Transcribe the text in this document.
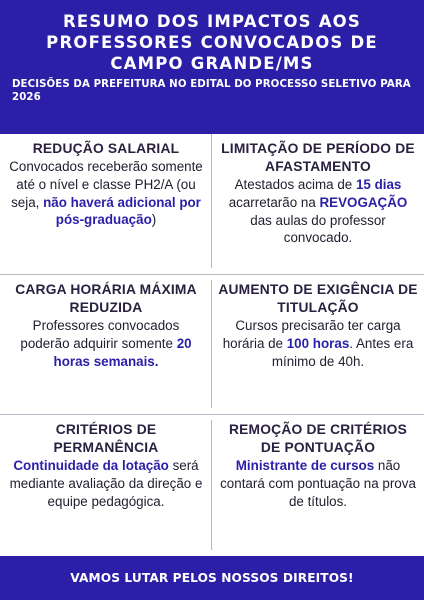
RESUMO DOS IMPACTOS AOS
PROFESSORES CONVOCADOS DE
CAMPO GRANDE/MS

DECISÕES DA PREFEITURA NO EDITAL DO PROCESSO SELETIVO PARA 2026

REDUÇÃO SALARIAL

Convocados receberão somente até o nível e classe PH2/A (ou seja, não haverá adicional por pós-graduação)

LIMITAÇÃO DE PERÍODO DE AFASTAMENTO

Atestados acima de 15 dias acarretarão na REVOGAÇÃO das aulas do professor convocado.

CARGA HORÁRIA MÁXIMA REDUZIDA

Professores convocados poderão adquirir somente 20 horas semanais.

AUMENTO DE EXIGÊNCIA DE TITULAÇÃO

Cursos precisarão ter carga horária de 100 horas. Antes era mínimo de 40h.

CRITÉRIOS DE PERMANÊNCIA

Continuidade da lotação será mediante avaliação da direção e equipe pedagógica.

REMOÇÃO DE CRITÉRIOS DE PONTUAÇÃO

Ministrante de cursos não contará com pontuação na prova de títulos.

VAMOS LUTAR PELOS NOSSOS DIREITOS!
